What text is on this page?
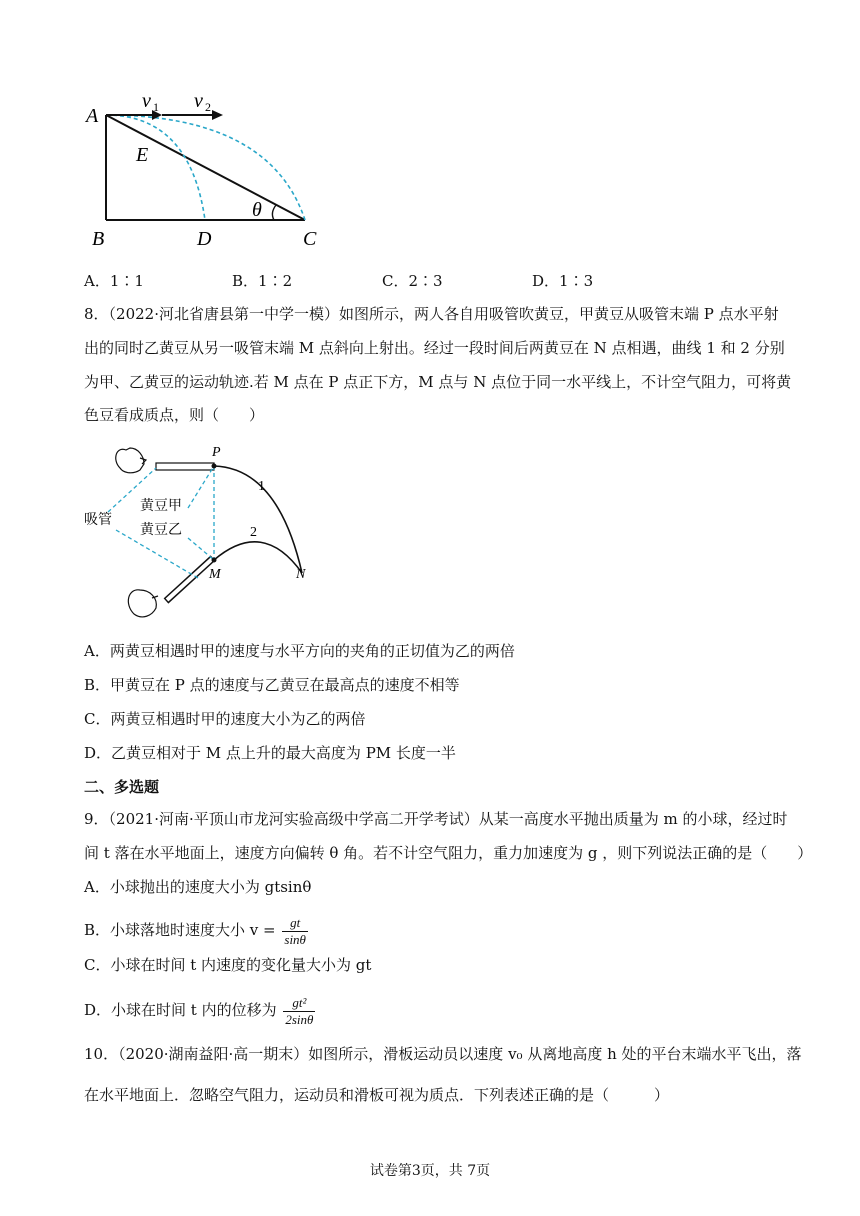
A
B	C
D
E
θ
v 1 v 2
A．1∶1	B．1∶2	C．2∶3	D．1∶3
8．（2022·河北省唐县第一中学一模）如图所示，两人各自用吸管吹黄豆，甲黄豆从吸管末端 P 点水平射
出的同时乙黄豆从另一吸管末端 M 点斜向上射出。经过一段时间后两黄豆在 N 点相遇，曲线 1 和 2 分别
为甲、乙黄豆的运动轨迹.若 M 点在 P 点正下方，M 点与 N 点位于同一水平线上，不计空气阻力，可将黄
色豆看成质点，则（　　）
P
M	N
1
2
吸管
黄豆甲
黄豆乙
A．两黄豆相遇时甲的速度与水平方向的夹角的正切值为乙的两倍
B．甲黄豆在 P 点的速度与乙黄豆在最高点的速度不相等
C．两黄豆相遇时甲的速度大小为乙的两倍
D．乙黄豆相对于 M 点上升的最大高度为 PM 长度一半
二、多选题
9．（2021·河南·平顶山市龙河实验高级中学高二开学考试）从某一高度水平抛出质量为 m 的小球，经过时
间 t 落在水平地面上，速度方向偏转 θ 角。若不计空气阻力，重力加速度为 g ，则下列说法正确的是（　　）
A．小球抛出的速度大小为 gtsinθ
B．小球落地时速度大小 $v = \frac{gt}{\sin\theta}$
C．小球在时间 t 内速度的变化量大小为 gt
D．小球在时间 t 内的位移为 $\frac{\text{gt²}}{2\sin\theta}$
10．（2020·湖南益阳·高一期末）如图所示，滑板运动员以速度 v₀ 从离地高度 h 处的平台末端水平飞出，落
在水平地面上．忽略空气阻力，运动员和滑板可视为质点．下列表述正确的是（　　　）
试卷第3页，共 7页
